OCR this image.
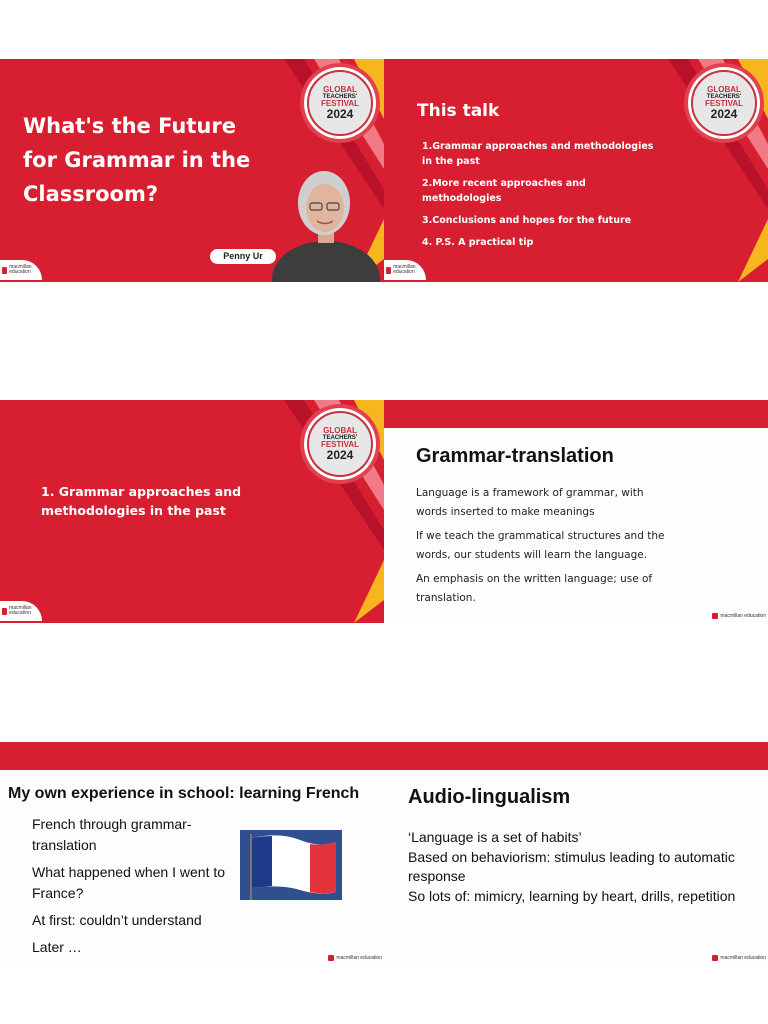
GLOBAL
TEACHERS'
FESTIVAL
2024
What's the Future for Grammar in the Classroom?
Penny Ur
macmillan education
GLOBAL
TEACHERS'
FESTIVAL
2024
This talk
1.Grammar approaches and methodologies in the past
2.More recent approaches and methodologies
3.Conclusions and hopes for the future
4. P.S. A practical tip
macmillan education
GLOBAL
TEACHERS'
FESTIVAL
2024
1. Grammar approaches and methodologies in the past
macmillan education
Grammar-translation

Language is a framework of grammar, with words inserted to make meanings

If we teach the grammatical structures and the words, our students will learn the language.

An emphasis on the written language; use of translation.

macmillan education
My own experience in school: learning French

French through grammar-translation

What happened when I went to France?

At first: couldn’t understand

Later …

macmillan education
Audio-lingualism

‘Language is a set of habits’

Based on behaviorism: stimulus leading to automatic response

So lots of: mimicry, learning by heart, drills, repetition

macmillan education
